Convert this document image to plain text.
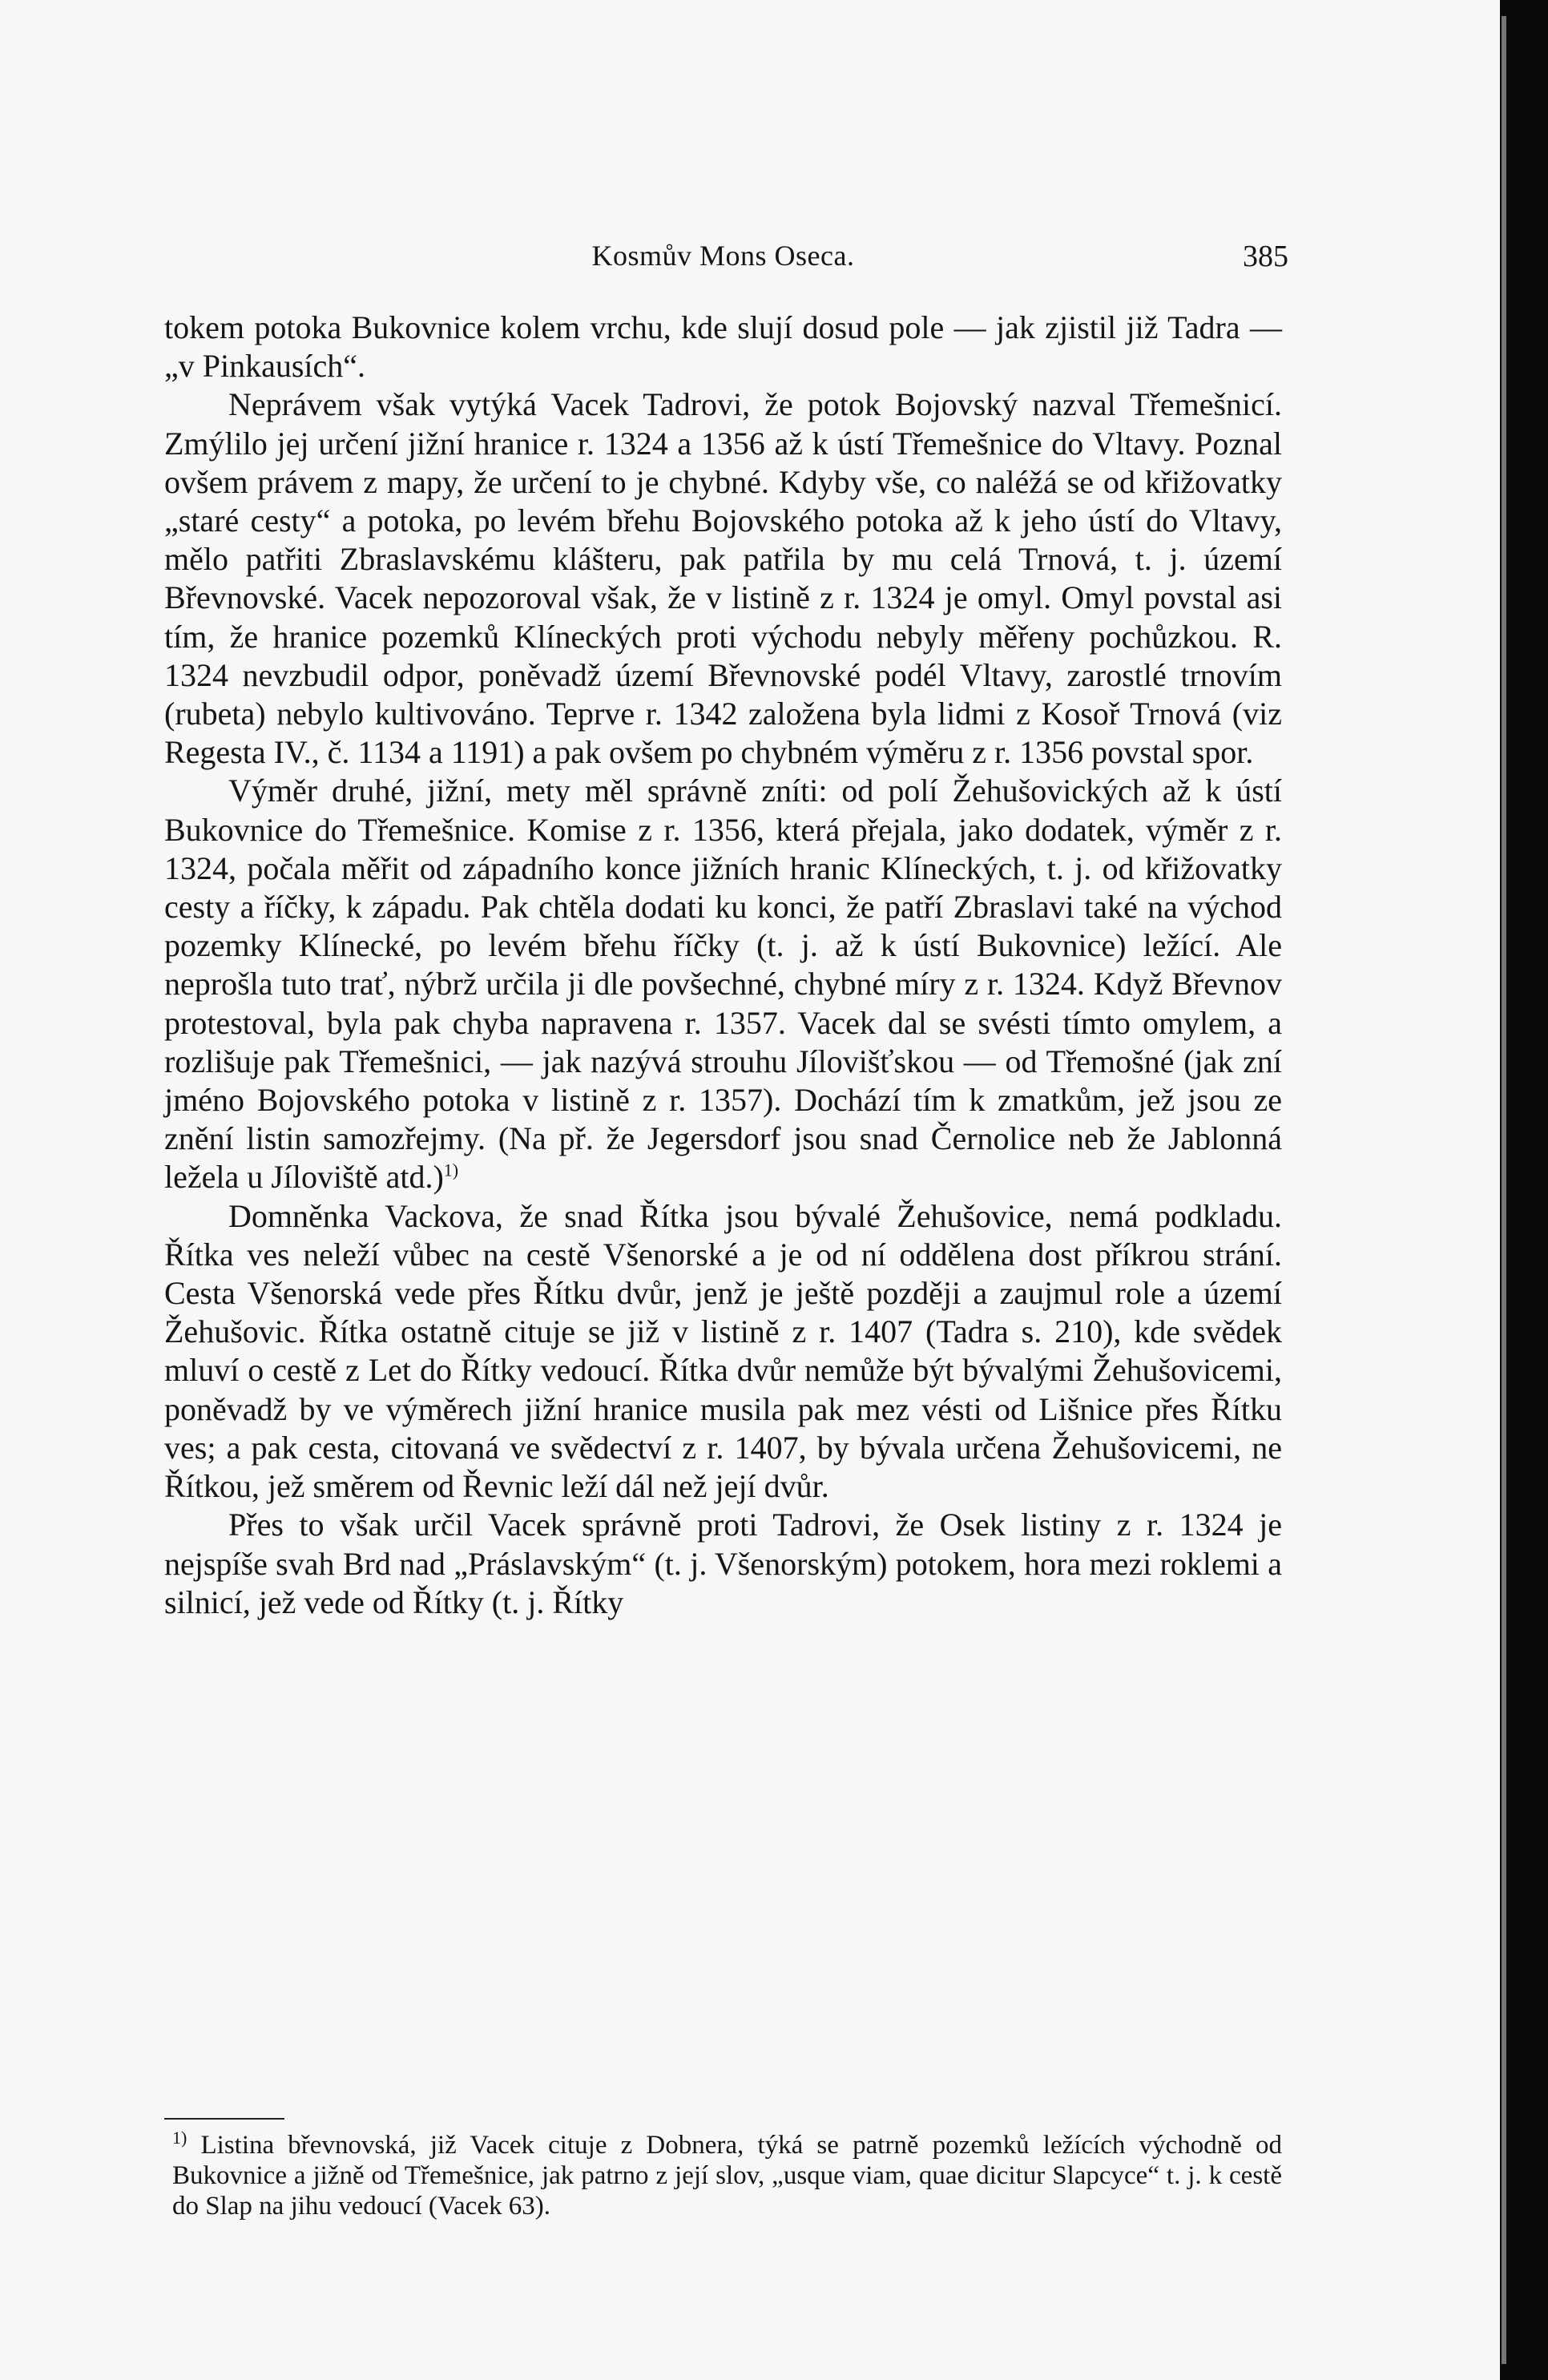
Kosmův Mons Oseca.	385

tokem potoka Bukovnice kolem vrchu, kde slují dosud pole — jak zjistil již Tadra — „v Pinkausích“.

Neprávem však vytýká Vacek Tadrovi, že potok Bojovský nazval Třemešnicí. Zmýlilo jej určení jižní hranice r. 1324 a 1356 až k ústí Třemešnice do Vltavy. Poznal ovšem právem z mapy, že určení to je chybné. Kdyby vše, co naléžá se od křižovatky „staré cesty“ a potoka, po levém břehu Bojovského potoka až k jeho ústí do Vltavy, mělo patřiti Zbraslavskému klášteru, pak patřila by mu celá Trnová, t. j. území Břevnovské. Vacek nepozoroval však, že v listině z r. 1324 je omyl. Omyl povstal asi tím, že hranice pozemků Klíneckých proti východu nebyly měřeny pochůzkou. R. 1324 nevzbudil odpor, poněvadž území Břevnovské podél Vltavy, zarostlé trnovím (rubeta) nebylo kultivováno. Teprve r. 1342 založena byla lidmi z Kosoř Trnová (viz Regesta IV., č. 1134 a 1191) a pak ovšem po chybném výměru z r. 1356 povstal spor.

Výměr druhé, jižní, mety měl správně zníti: od polí Žehušovických až k ústí Bukovnice do Třemešnice. Komise z r. 1356, která přejala, jako dodatek, výměr z r. 1324, počala měřit od západního konce jižních hranic Klíneckých, t. j. od křižovatky cesty a říčky, k západu. Pak chtěla dodati ku konci, že patří Zbraslavi také na východ pozemky Klínecké, po levém břehu říčky (t. j. až k ústí Bukovnice) ležící. Ale neprošla tuto trať, nýbrž určila ji dle povšechné, chybné míry z r. 1324. Když Břevnov protestoval, byla pak chyba napravena r. 1357. Vacek dal se svésti tímto omylem, a rozlišuje pak Třemešnici, — jak nazývá strouhu Jílovišťskou — od Třemošné (jak zní jméno Bojovského potoka v listině z r. 1357). Dochází tím k zmatkům, jež jsou ze znění listin samozřejmy. (Na př. že Jegersdorf jsou snad Černolice neb že Jablonná ležela u Jíloviště atd.)$^{1)}$

Domněnka Vackova, že snad Řítka jsou bývalé Žehušovice, nemá podkladu. Řítka ves neleží vůbec na cestě Všenorské a je od ní oddělena dost příkrou strání. Cesta Všenorská vede přes Řítku dvůr, jenž je ještě později a zaujmul role a území Žehušovic. Řítka ostatně cituje se již v listině z r. 1407 (Tadra s. 210), kde svědek mluví o cestě z Let do Řítky vedoucí. Řítka dvůr nemůže být bývalými Žehušovicemi, poněvadž by ve výměrech jižní hranice musila pak mez vésti od Lišnice přes Řítku ves; a pak cesta, citovaná ve svědectví z r. 1407, by bývala určena Žehušovicemi, ne Řítkou, jež směrem od Řevnic leží dál než její dvůr.

Přes to však určil Vacek správně proti Tadrovi, že Osek listiny z r. 1324 je nejspíše svah Brd nad „Práslavským“ (t. j. Všenorským) potokem, hora mezi roklemi a silnicí, jež vede od Řítky (t. j. Řítky

$^{1)}$ Listina břevnovská, již Vacek cituje z Dobnera, týká se patrně pozemků ležících východně od Bukovnice a jižně od Třemešnice, jak patrno z její slov, „usque viam, quae dicitur Slapcyce“ t. j. k cestě do Slap na jihu vedoucí (Vacek 63).
